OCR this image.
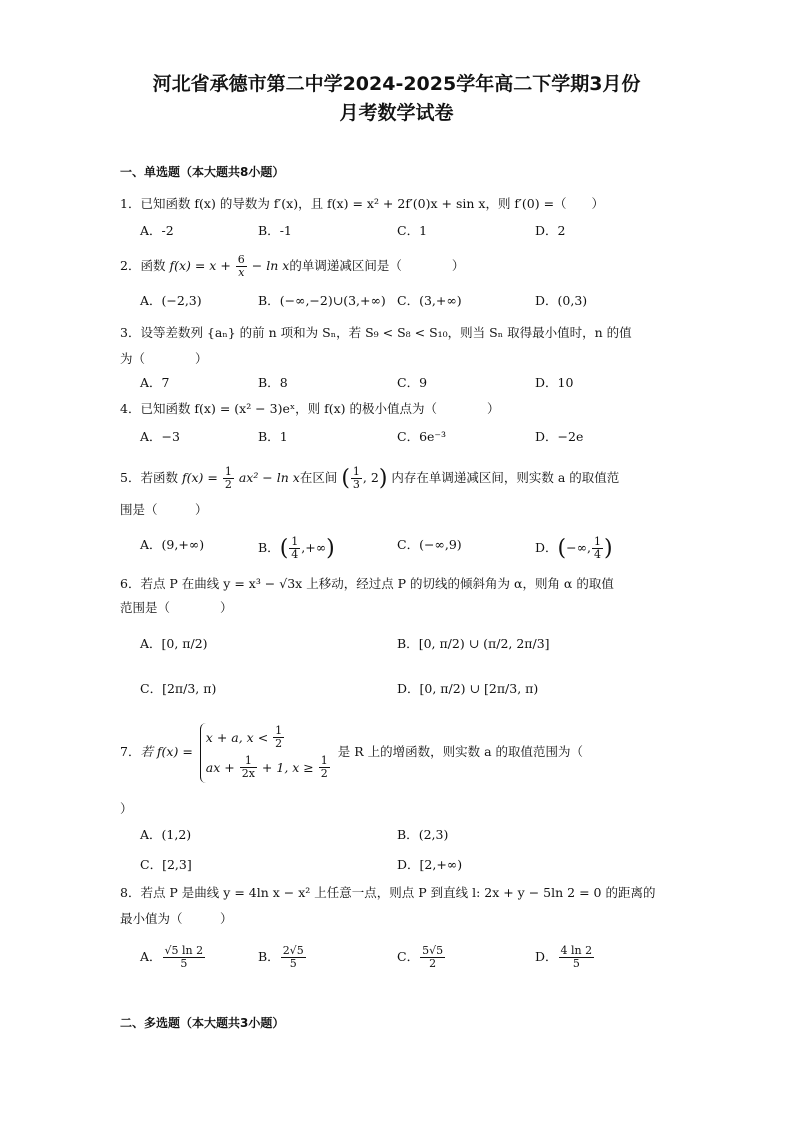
河北省承德市第二中学2024-2025学年高二下学期3月份
月考数学试卷
一、单选题（本大题共8小题）
1．已知函数 f(x) 的导数为 f′(x)，且 f(x) = x² + 2f′(0)x + sin x，则 f′(0) =（　　）
A．-2	B．-1	C．1	D．2
2．函数 $f(x) = x + \frac{6}{x} - \ln x$的单调递减区间是（　　　　）
A．(−2,3)	B．(−∞,−2)∪(3,+∞) C．(3,+∞)	D．(0,3)
3．设等差数列 {aₙ} 的前 n 项和为 Sₙ，若 S₉ < S₈ < S₁₀，则当 Sₙ 取得最小值时，n 的值
为（　　　　）
A．7	B．8	C．9	D．10
4．已知函数 f(x) = (x² − 3)eˣ，则 f(x) 的极小值点为（　　　　）
A．−3	B．1	C．6e⁻³	D．−2e
5．若函数 $f(x) = \frac{1}{2} ax^2 - \ln x$在区间 ( $\frac{1}{3}$ , 2) 内存在单调递减区间，则实数 a 的取值范
围是（　　　）
A．(9,+∞)	B．( $\frac{1}{4}$ ,+∞)	C．(−∞,9)	D．(−∞, $\frac{1}{4}$ )
6．若点 P 在曲线 y = x³ − √3x 上移动，经过点 P 的切线的倾斜角为 α，则角 α 的取值
范围是（　　　　）
A．[0, π/2)	B．[0, π/2) ∪ (π/2, 2π/3]
C．[2π/3, π)	D．[0, π/2) ∪ [2π/3, π)
7．若 f(x) =
x + a, x <
$\frac{1}{2}$
ax +
$\frac{1}{2x}$
+ 1, x ≥
$\frac{1}{2}$
是 R 上的增函数，则实数 a 的取值范围为（
）
A．(1,2)	B．(2,3)
C．[2,3]	D．[2,+∞)
8．若点 P 是曲线 y = 4ln x − x² 上任意一点，则点 P 到直线 l: 2x + y − 5ln 2 = 0 的距离的
最小值为（　　　）
A． $\frac{√5 \ln 2}{5}$	B． $\frac{2√5}{5}$	C． $\frac{5√5}{2}$	D． $\frac{4 \ln 2}{5}$
二、多选题（本大题共3小题）
